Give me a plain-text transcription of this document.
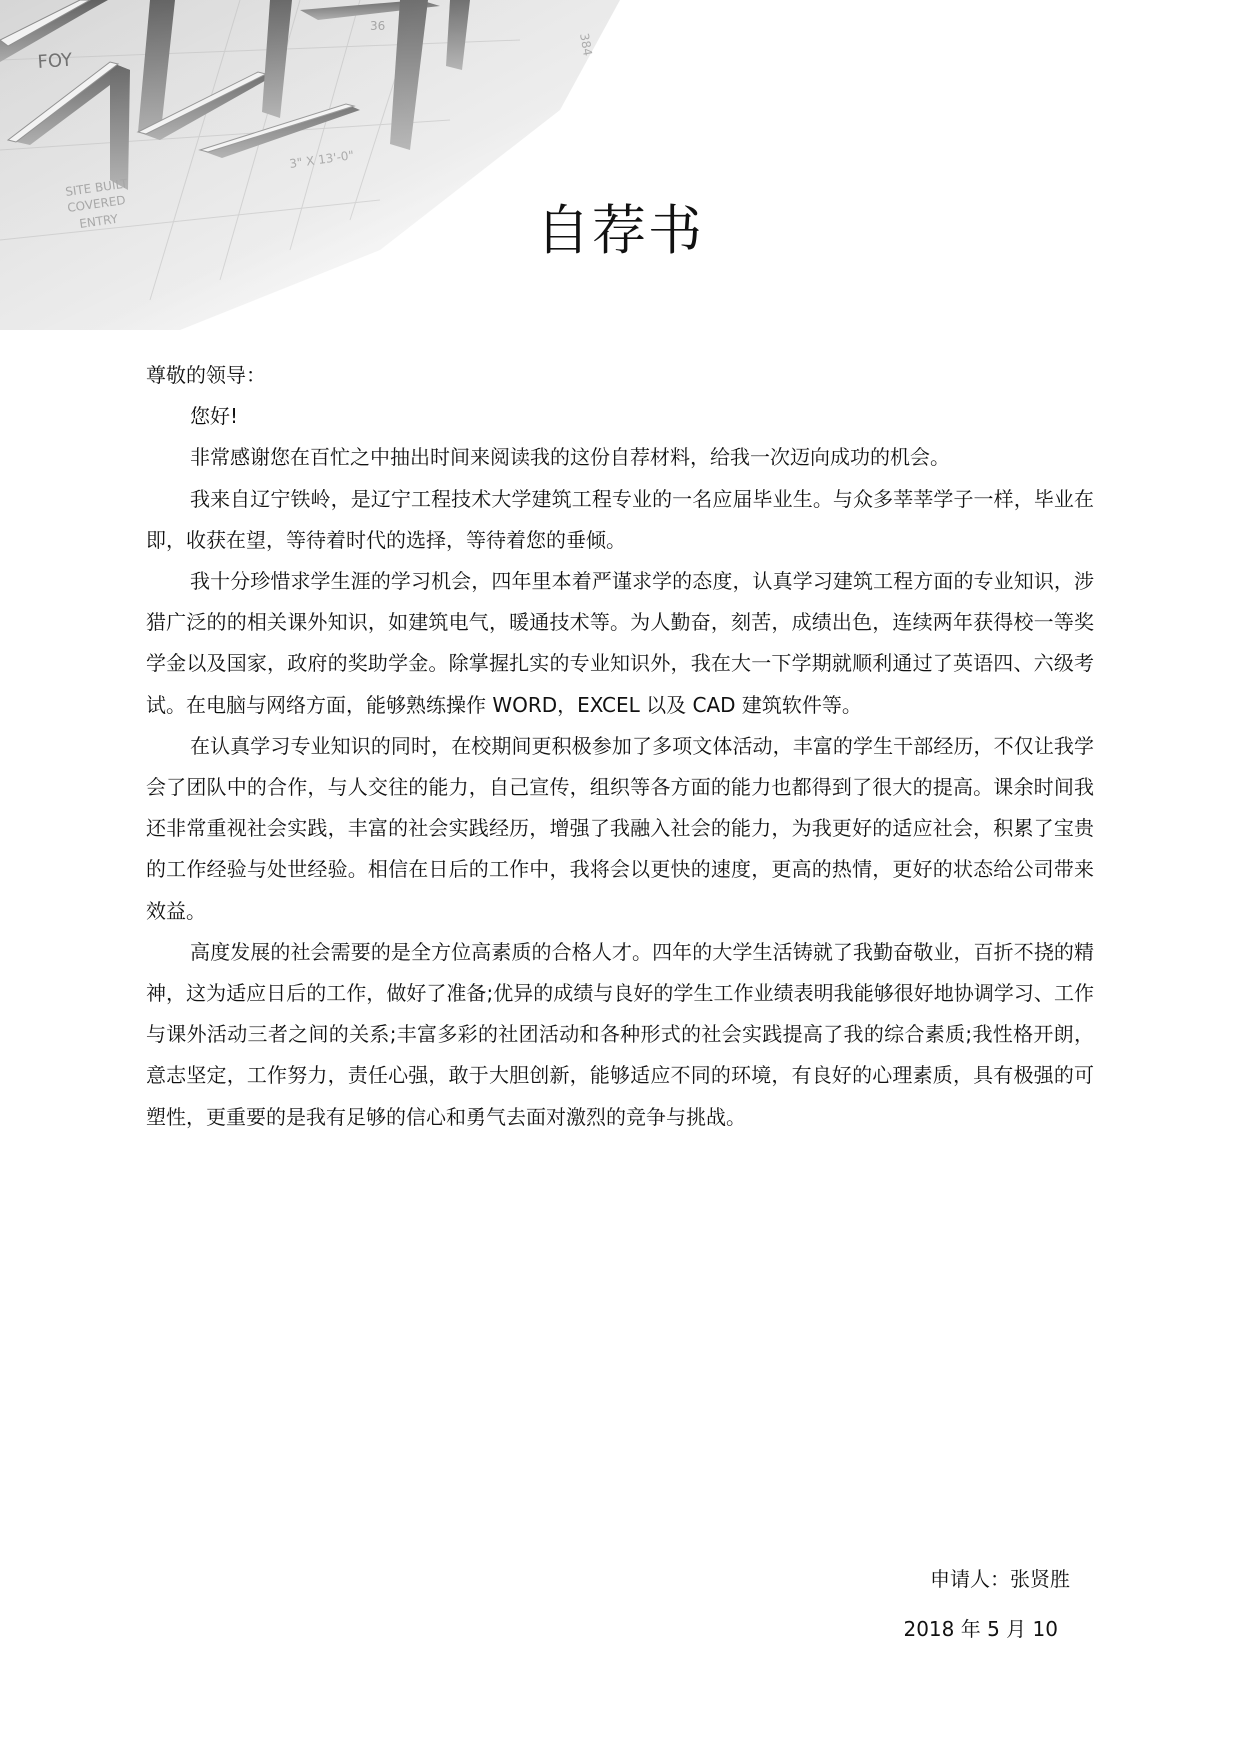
自荐书

尊敬的领导：

您好!

非常感谢您在百忙之中抽出时间来阅读我的这份自荐材料，给我一次迈向成功的机会。

我来自辽宁铁岭，是辽宁工程技术大学建筑工程专业的一名应届毕业生。与众多莘莘学子一样，毕业在即，收获在望，等待着时代的选择，等待着您的垂倾。

我十分珍惜求学生涯的学习机会，四年里本着严谨求学的态度，认真学习建筑工程方面的专业知识，涉猎广泛的的相关课外知识，如建筑电气，暖通技术等。为人勤奋，刻苦，成绩出色，连续两年获得校一等奖学金以及国家，政府的奖助学金。除掌握扎实的专业知识外，我在大一下学期就顺利通过了英语四、六级考试。在电脑与网络方面，能够熟练操作 WORD，EXCEL 以及 CAD 建筑软件等。

在认真学习专业知识的同时，在校期间更积极参加了多项文体活动，丰富的学生干部经历，不仅让我学会了团队中的合作，与人交往的能力，自己宣传，组织等各方面的能力也都得到了很大的提高。课余时间我还非常重视社会实践，丰富的社会实践经历，增强了我融入社会的能力，为我更好的适应社会，积累了宝贵的工作经验与处世经验。相信在日后的工作中，我将会以更快的速度，更高的热情，更好的状态给公司带来效益。

高度发展的社会需要的是全方位高素质的合格人才。四年的大学生活铸就了我勤奋敬业，百折不挠的精神，这为适应日后的工作，做好了准备;优异的成绩与良好的学生工作业绩表明我能够很好地协调学习、工作与课外活动三者之间的关系;丰富多彩的社团活动和各种形式的社会实践提高了我的综合素质;我性格开朗，意志坚定，工作努力，责任心强，敢于大胆创新，能够适应不同的环境，有良好的心理素质，具有极强的可塑性，更重要的是我有足够的信心和勇气去面对激烈的竞争与挑战。

申请人：张贤胜
2018 年 5 月 10
